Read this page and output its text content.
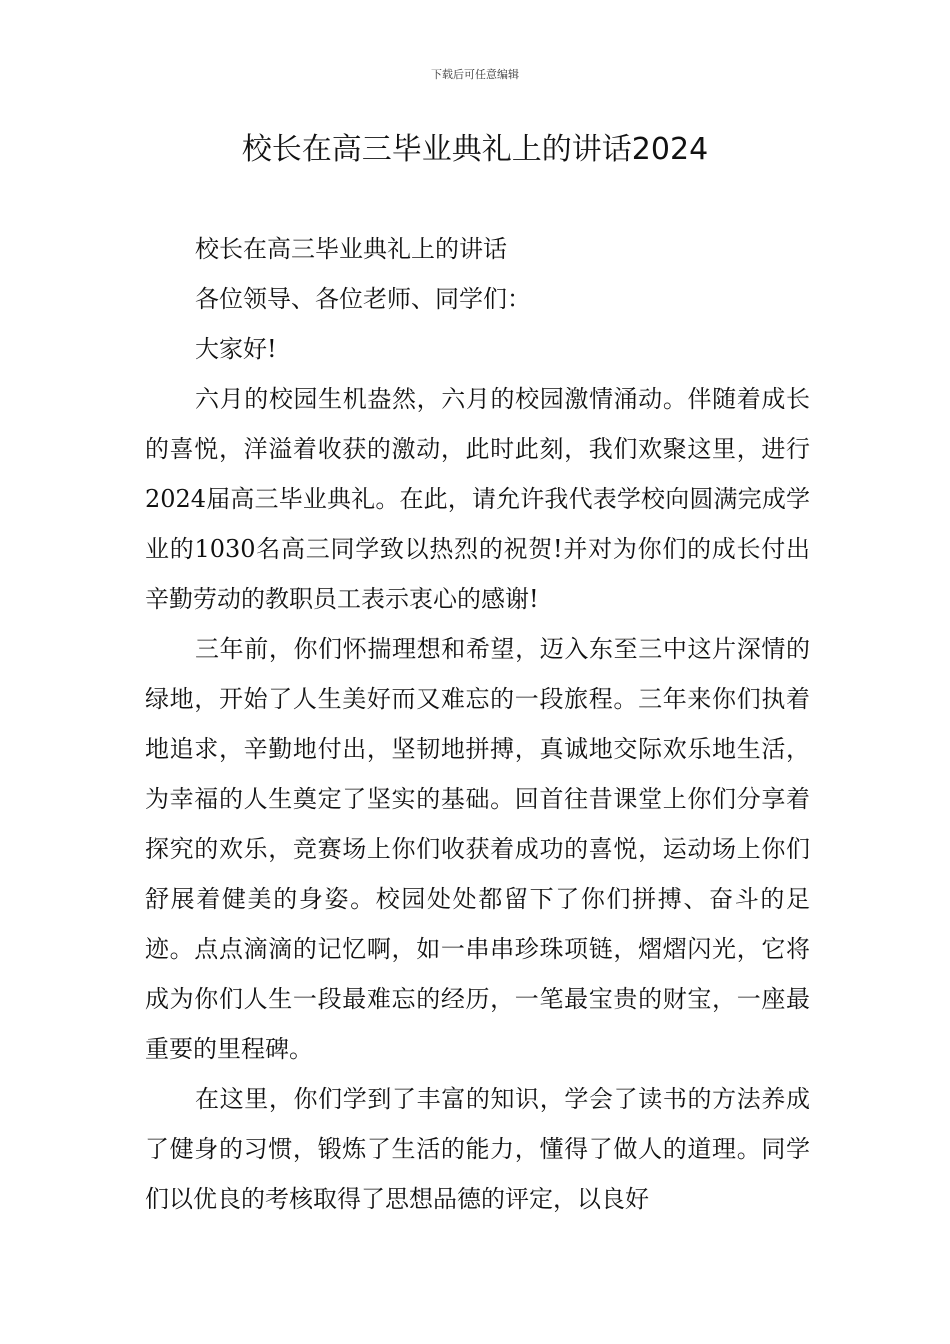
下载后可任意编辑
校长在高三毕业典礼上的讲话2024

校长在高三毕业典礼上的讲话

各位领导、各位老师、同学们：

大家好!

六月的校园生机盎然，六月的校园激情涌动。伴随着成长的喜悦，洋溢着收获的激动，此时此刻，我们欢聚这里，进行2024届高三毕业典礼。在此，请允许我代表学校向圆满完成学业的1030名高三同学致以热烈的祝贺!并对为你们的成长付出辛勤劳动的教职员工表示衷心的感谢!

三年前，你们怀揣理想和希望，迈入东至三中这片深情的绿地，开始了人生美好而又难忘的一段旅程。三年来你们执着地追求，辛勤地付出，坚韧地拼搏，真诚地交际欢乐地生活，为幸福的人生奠定了坚实的基础。回首往昔课堂上你们分享着探究的欢乐，竞赛场上你们收获着成功的喜悦，运动场上你们舒展着健美的身姿。校园处处都留下了你们拼搏、奋斗的足迹。点点滴滴的记忆啊，如一串串珍珠项链，熠熠闪光，它将成为你们人生一段最难忘的经历，一笔最宝贵的财宝，一座最重要的里程碑。

在这里，你们学到了丰富的知识，学会了读书的方法养成了健身的习惯，锻炼了生活的能力，懂得了做人的道理。同学们以优良的考核取得了思想品德的评定，以良好
